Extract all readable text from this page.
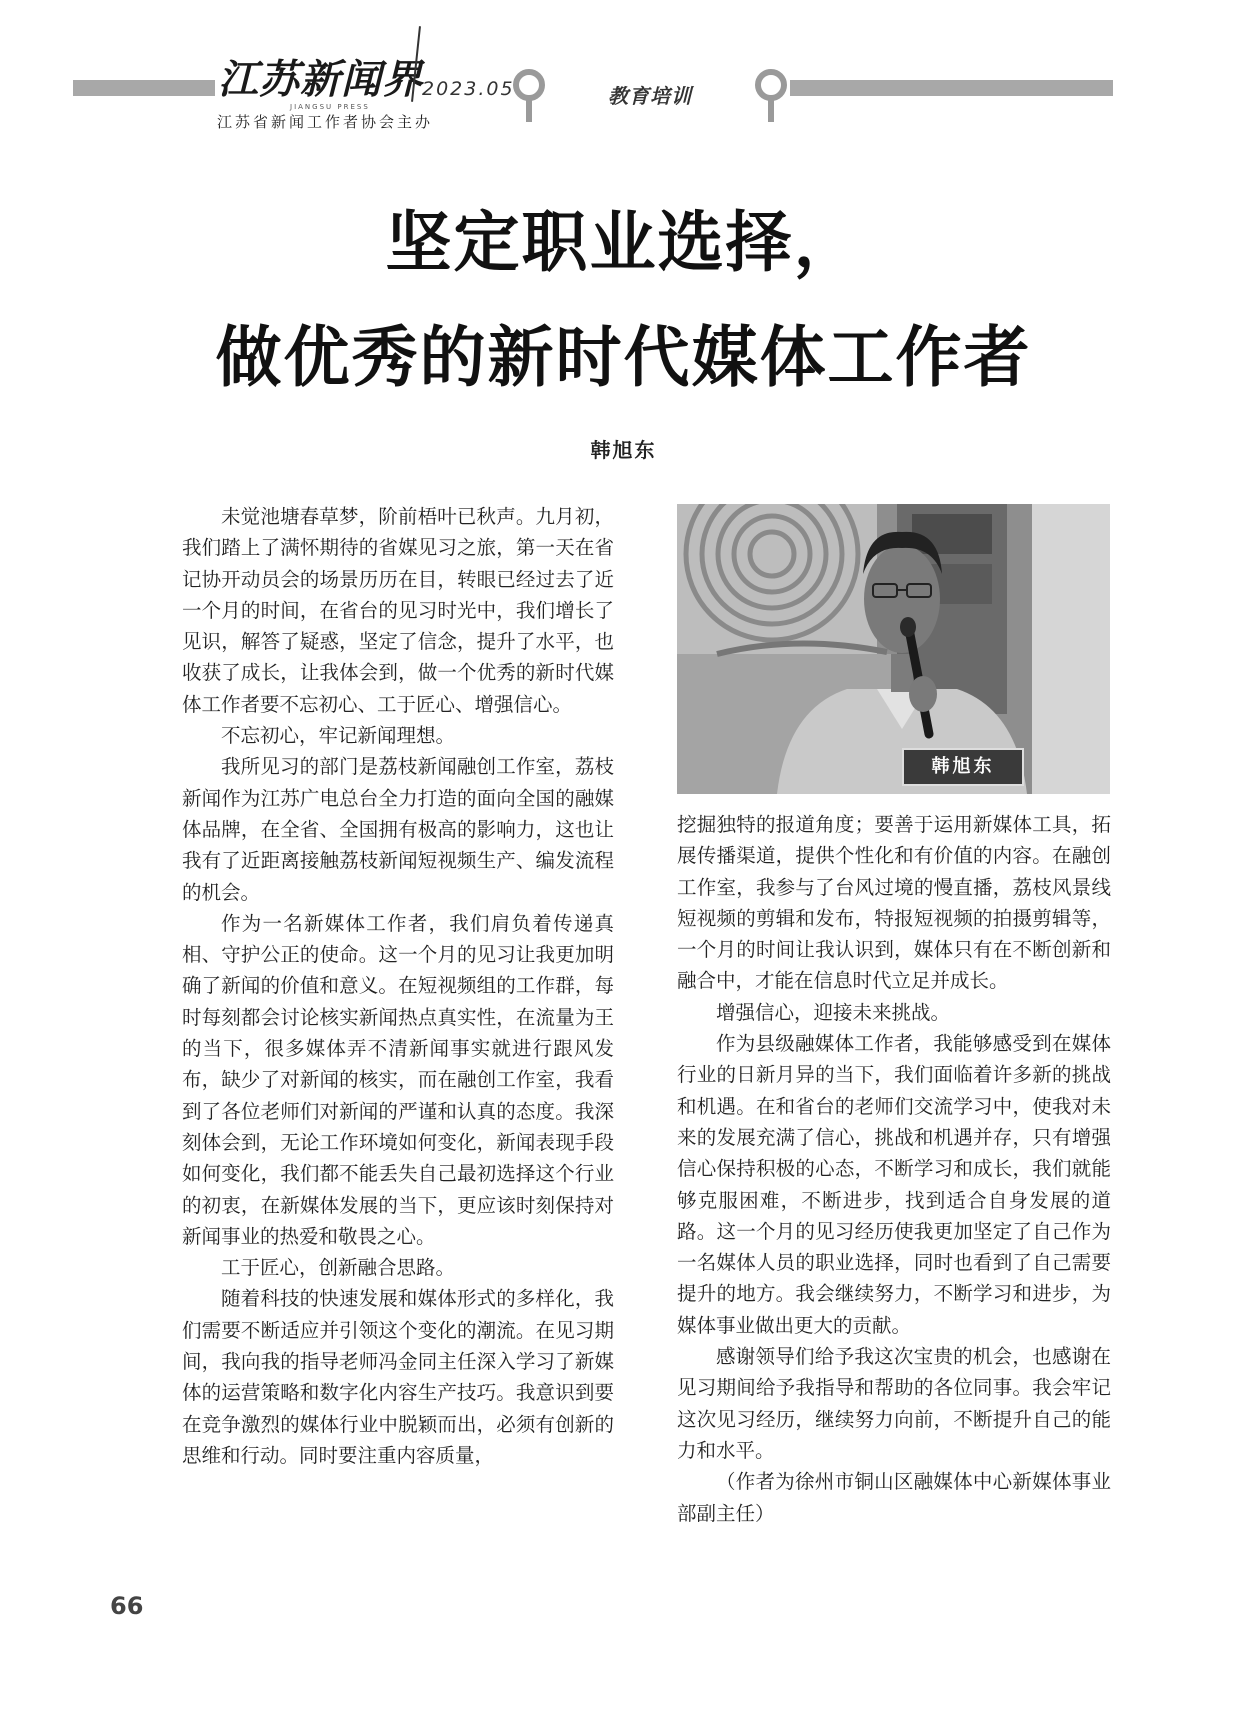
江苏新闻界
JIANGSU PRESS
2023.05
江苏省新闻工作者协会主办
教育培训
坚定职业选择，
做优秀的新时代媒体工作者
韩旭东

未觉池塘春草梦，阶前梧叶已秋声。九月初，我们踏上了满怀期待的省媒见习之旅，第一天在省记协开动员会的场景历历在目，转眼已经过去了近一个月的时间，在省台的见习时光中，我们增长了见识，解答了疑惑，坚定了信念，提升了水平，也收获了成长，让我体会到，做一个优秀的新时代媒体工作者要不忘初心、工于匠心、增强信心。

不忘初心，牢记新闻理想。

我所见习的部门是荔枝新闻融创工作室，荔枝新闻作为江苏广电总台全力打造的面向全国的融媒体品牌，在全省、全国拥有极高的影响力，这也让我有了近距离接触荔枝新闻短视频生产、编发流程的机会。

作为一名新媒体工作者，我们肩负着传递真相、守护公正的使命。这一个月的见习让我更加明确了新闻的价值和意义。在短视频组的工作群，每时每刻都会讨论核实新闻热点真实性，在流量为王的当下，很多媒体弄不清新闻事实就进行跟风发布，缺少了对新闻的核实，而在融创工作室，我看到了各位老师们对新闻的严谨和认真的态度。我深刻体会到，无论工作环境如何变化，新闻表现手段如何变化，我们都不能丢失自己最初选择这个行业的初衷，在新媒体发展的当下，更应该时刻保持对新闻事业的热爱和敬畏之心。

工于匠心，创新融合思路。

随着科技的快速发展和媒体形式的多样化，我们需要不断适应并引领这个变化的潮流。在见习期间，我向我的指导老师冯金同主任深入学习了新媒体的运营策略和数字化内容生产技巧。我意识到要在竞争激烈的媒体行业中脱颖而出，必须有创新的思维和行动。同时要注重内容质量，

韩旭东

挖掘独特的报道角度；要善于运用新媒体工具，拓展传播渠道，提供个性化和有价值的内容。在融创工作室，我参与了台风过境的慢直播，荔枝风景线短视频的剪辑和发布，特报短视频的拍摄剪辑等，一个月的时间让我认识到，媒体只有在不断创新和融合中，才能在信息时代立足并成长。

增强信心，迎接未来挑战。

作为县级融媒体工作者，我能够感受到在媒体行业的日新月异的当下，我们面临着许多新的挑战和机遇。在和省台的老师们交流学习中，使我对未来的发展充满了信心，挑战和机遇并存，只有增强信心保持积极的心态，不断学习和成长，我们就能够克服困难，不断进步，找到适合自身发展的道路。这一个月的见习经历使我更加坚定了自己作为一名媒体人员的职业选择，同时也看到了自己需要提升的地方。我会继续努力，不断学习和进步，为媒体事业做出更大的贡献。

感谢领导们给予我这次宝贵的机会，也感谢在见习期间给予我指导和帮助的各位同事。我会牢记这次见习经历，继续努力向前，不断提升自己的能力和水平。

（作者为徐州市铜山区融媒体中心新媒体事业部副主任）

66
